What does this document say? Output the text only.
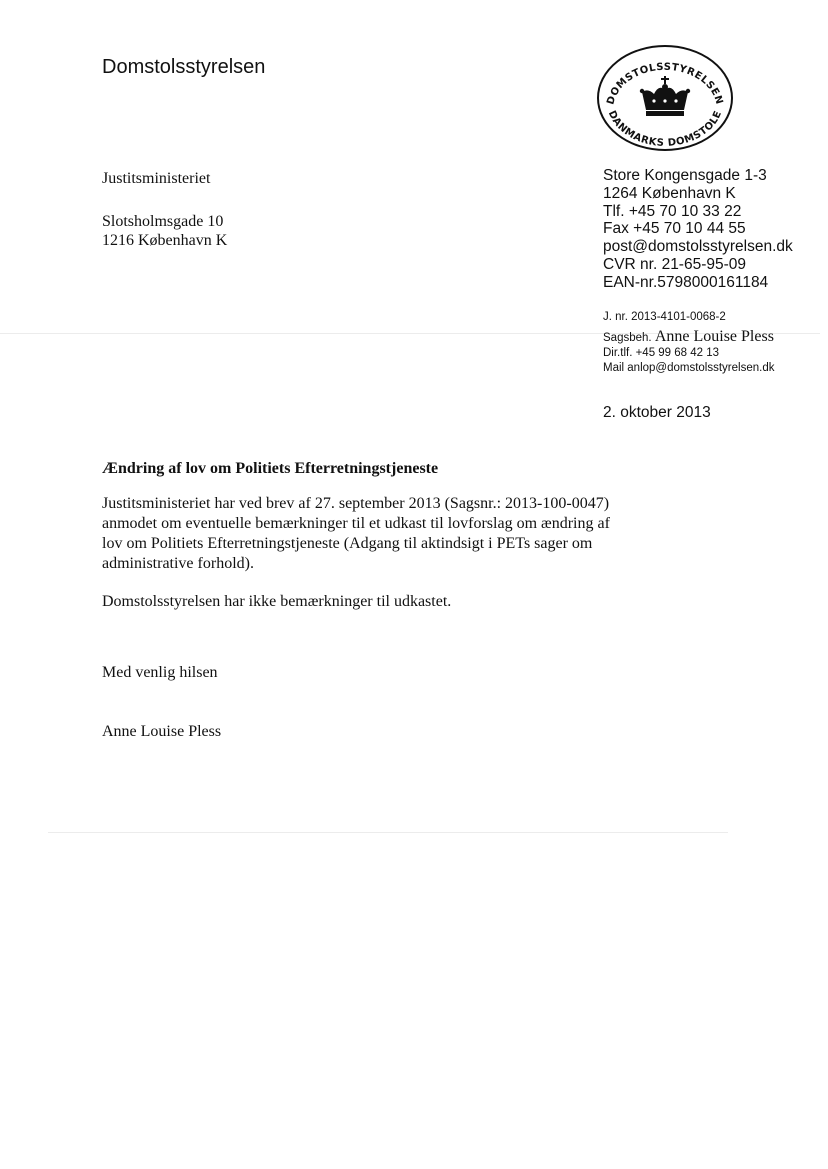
Domstolsstyrelsen
DOMSTOLSSTYRELSEN
DANMARKS DOMSTOLE
Justitsministeriet
Slotsholmsgade 10
1216 København K
Store Kongensgade 1-3
1264 København K
Tlf. +45 70 10 33 22
Fax +45 70 10 44 55
post@domstolsstyrelsen.dk
CVR nr. 21-65-95-09
EAN-nr.5798000161184
J. nr. 2013-4101-0068-2
Sagsbeh. Anne Louise Pless
Dir.tlf. +45 99 68 42 13
Mail anlop@domstolsstyrelsen.dk
2. oktober 2013
Ændring af lov om Politiets Efterretningstjeneste

Justitsministeriet har ved brev af 27. september 2013 (Sagsnr.: 2013-100-0047)
anmodet om eventuelle bemærkninger til et udkast til lovforslag om ændring af
lov om Politiets Efterretningstjeneste (Adgang til aktindsigt i PETs sager om
administrative forhold).

Domstolsstyrelsen har ikke bemærkninger til udkastet.

Med venlig hilsen
Anne Louise Pless
